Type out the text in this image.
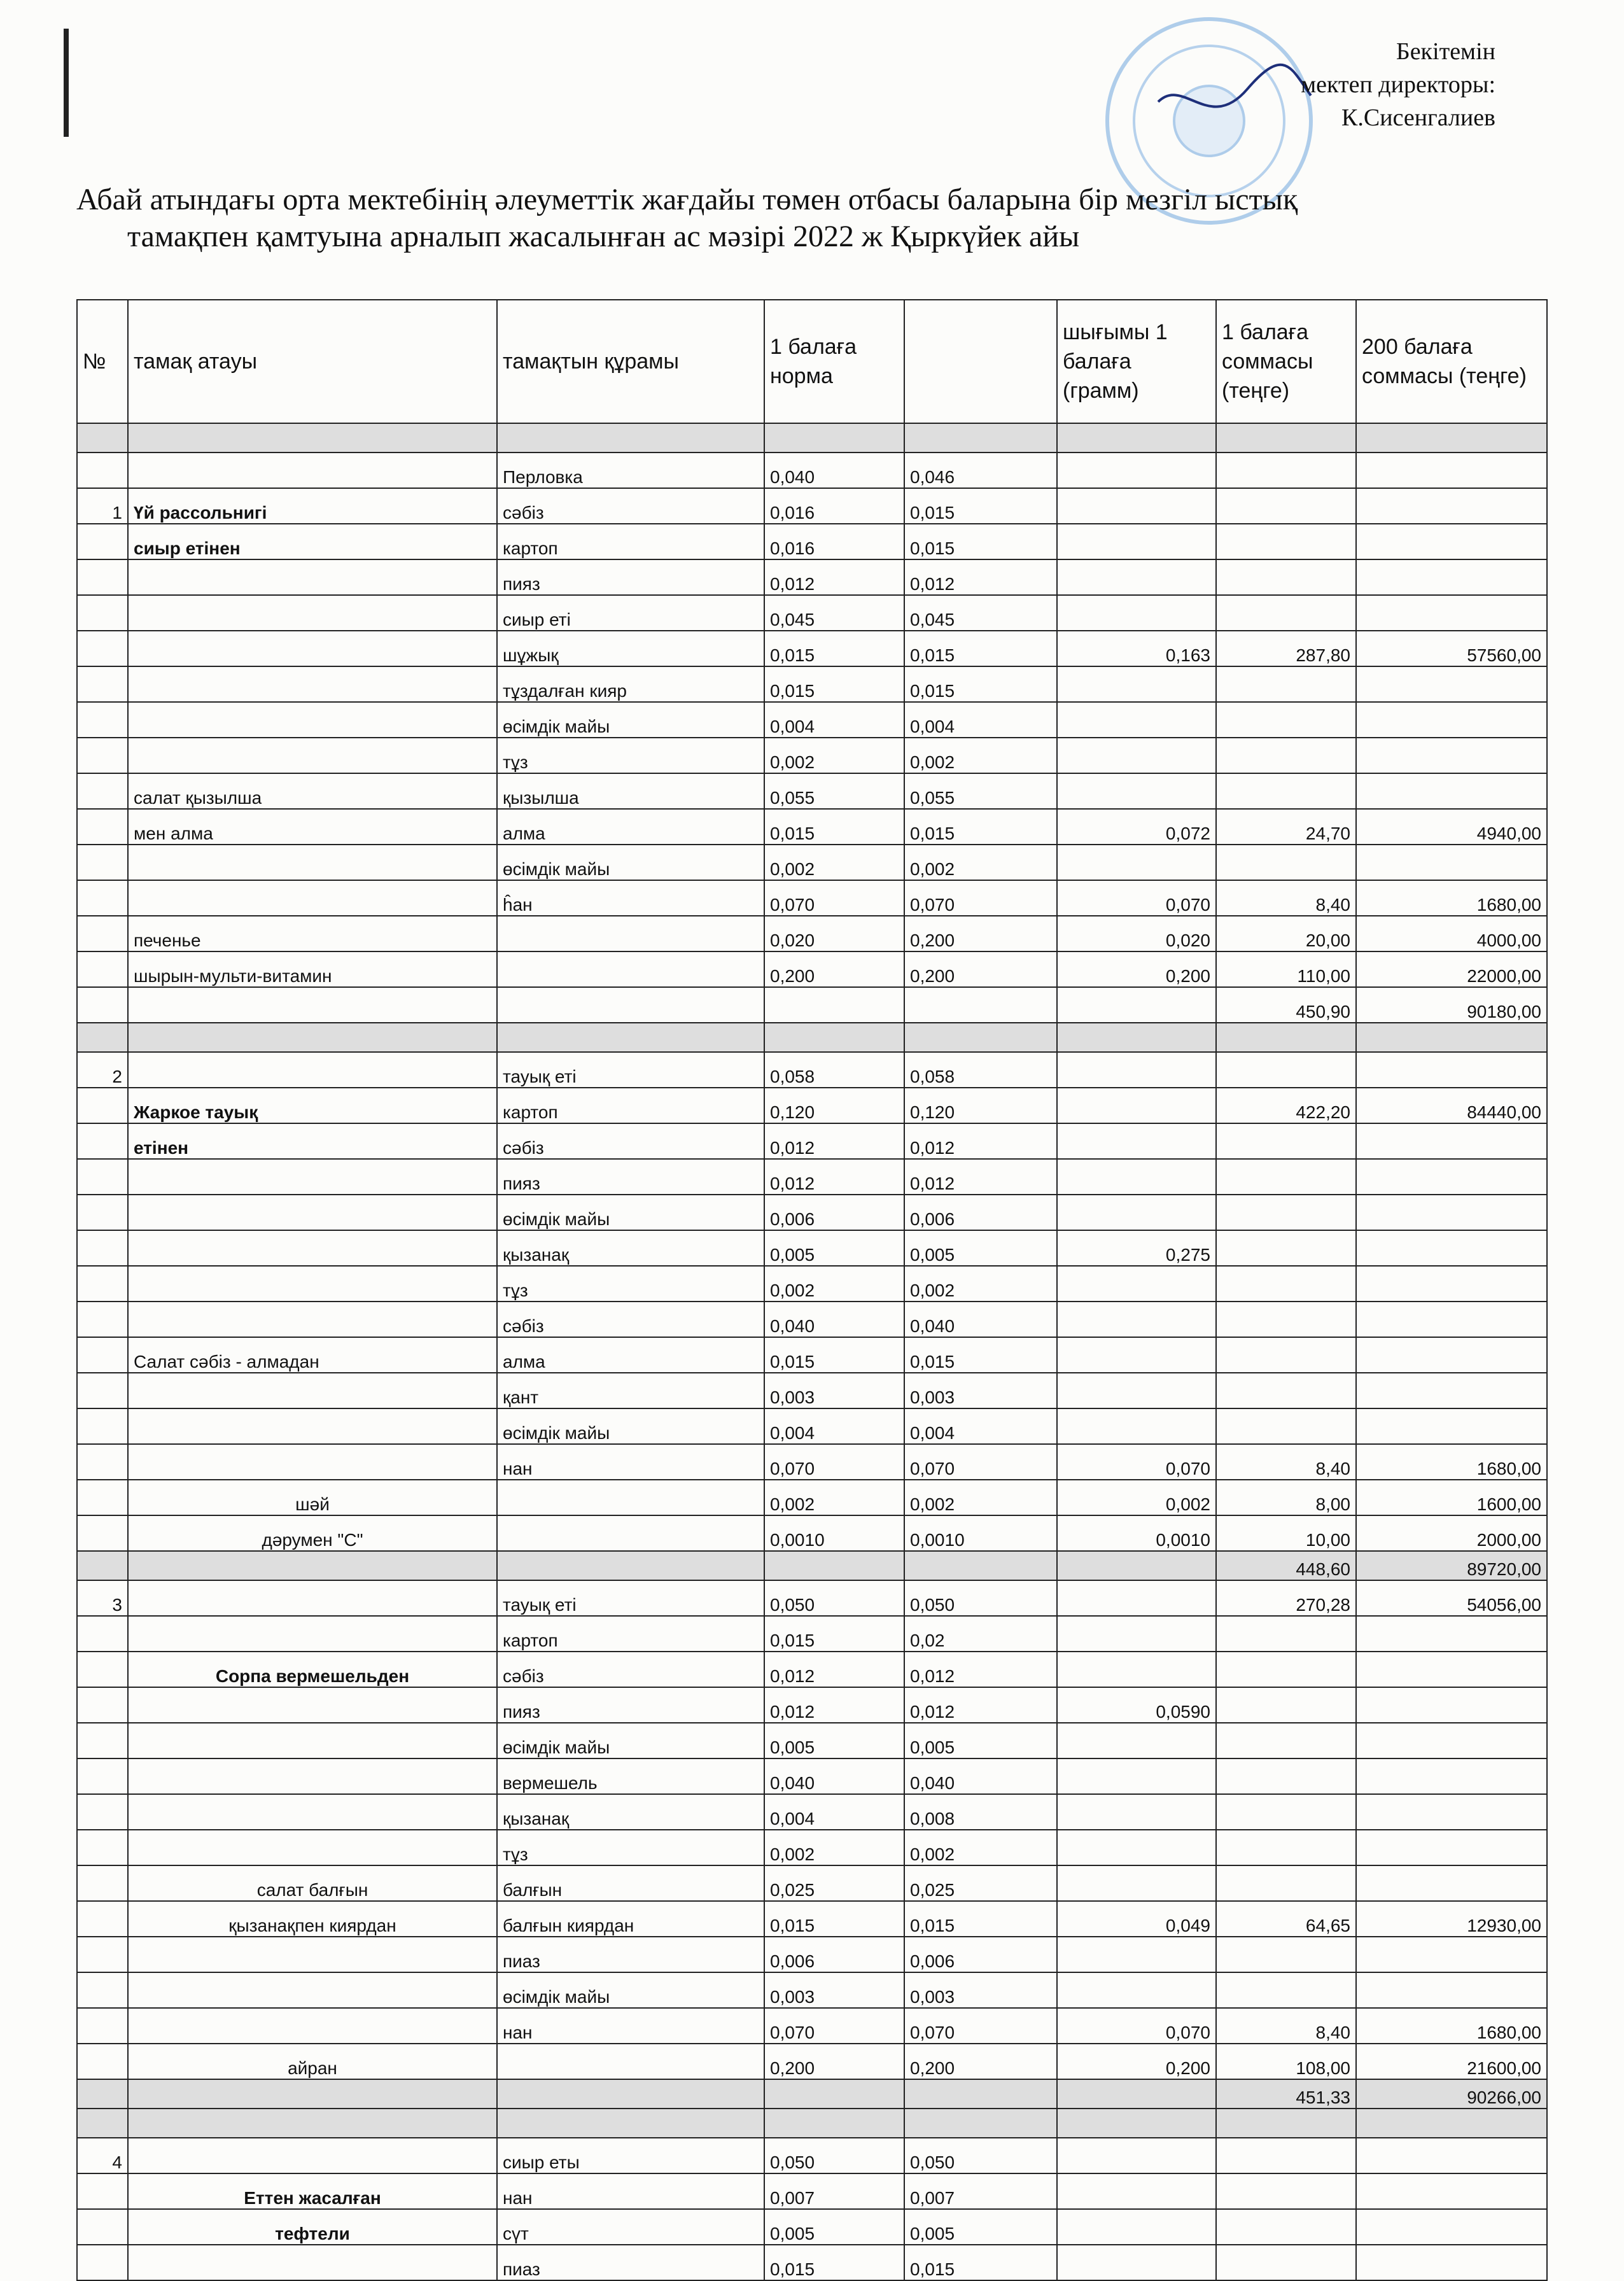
Бекітемін
мектеп директоры:
К.Сисенгалиев
Абай атындағы орта мектебінің әлеуметтік жағдайы төмен отбасы баларына бір мезгіл ыстық
тамақпен қамтуына арналып жасалынған ас мәзірі 2022 ж Қыркүйек айы
№	тамақ атауы	тамақтын құрамы	1 балаға норма		шығымы 1 балаға (грамм)	1 балаға соммасы (теңге)	200 балаға соммасы (теңге)

		Перловка	0,040	0,046			
1	Үй рассольнигі	сәбіз	0,016	0,015			
	сиыр етінен	картоп	0,016	0,015			
		пияз	0,012	0,012			
		сиыр еті	0,045	0,045			
		шұжық	0,015	0,015	0,163	287,80	57560,00
		тұздалған кияр	0,015	0,015			
		өсімдік майы	0,004	0,004			
		тұз	0,002	0,002			
	салат қызылша	қызылша	0,055	0,055			
	мен алма	алма	0,015	0,015	0,072	24,70	4940,00
		өсімдік майы	0,002	0,002			
		ĥан	0,070	0,070	0,070	8,40	1680,00
	печенье		0,020	0,200	0,020	20,00	4000,00
	шырын-мульти-витамин		0,200	0,200	0,200	110,00	22000,00
						450,90	90180,00

2		тауық еті	0,058	0,058			
	Жаркое тауық	картоп	0,120	0,120		422,20	84440,00
	етінен	сәбіз	0,012	0,012			
		пияз	0,012	0,012			
		өсімдік майы	0,006	0,006			
		қызанақ	0,005	0,005	0,275		
		тұз	0,002	0,002			
		сәбіз	0,040	0,040			
	Салат сәбіз - алмадан	алма	0,015	0,015			
		қант	0,003	0,003			
		өсімдік майы	0,004	0,004			
		нан	0,070	0,070	0,070	8,40	1680,00
	шәй		0,002	0,002	0,002	8,00	1600,00
	дәрумен "С"		0,0010	0,0010	0,0010	10,00	2000,00
						448,60	89720,00
3		тауық еті	0,050	0,050		270,28	54056,00
		картоп	0,015	0,02			
	Сорпа вермешельден	сәбіз	0,012	0,012			
		пияз	0,012	0,012	0,0590		
		өсімдік майы	0,005	0,005			
		вермешель	0,040	0,040			
		қызанақ	0,004	0,008			
		тұз	0,002	0,002			
	салат балғын	балғын	0,025	0,025			
	қызанақпен киярдан	балғын киярдан	0,015	0,015	0,049	64,65	12930,00
		пиаз	0,006	0,006			
		өсімдік майы	0,003	0,003			
		нан	0,070	0,070	0,070	8,40	1680,00
	айран		0,200	0,200	0,200	108,00	21600,00
						451,33	90266,00

4		сиыр еты	0,050	0,050			
	Еттен жасалған	нан	0,007	0,007			
	тефтели	сүт	0,005	0,005			
		пиаз	0,015	0,015			
